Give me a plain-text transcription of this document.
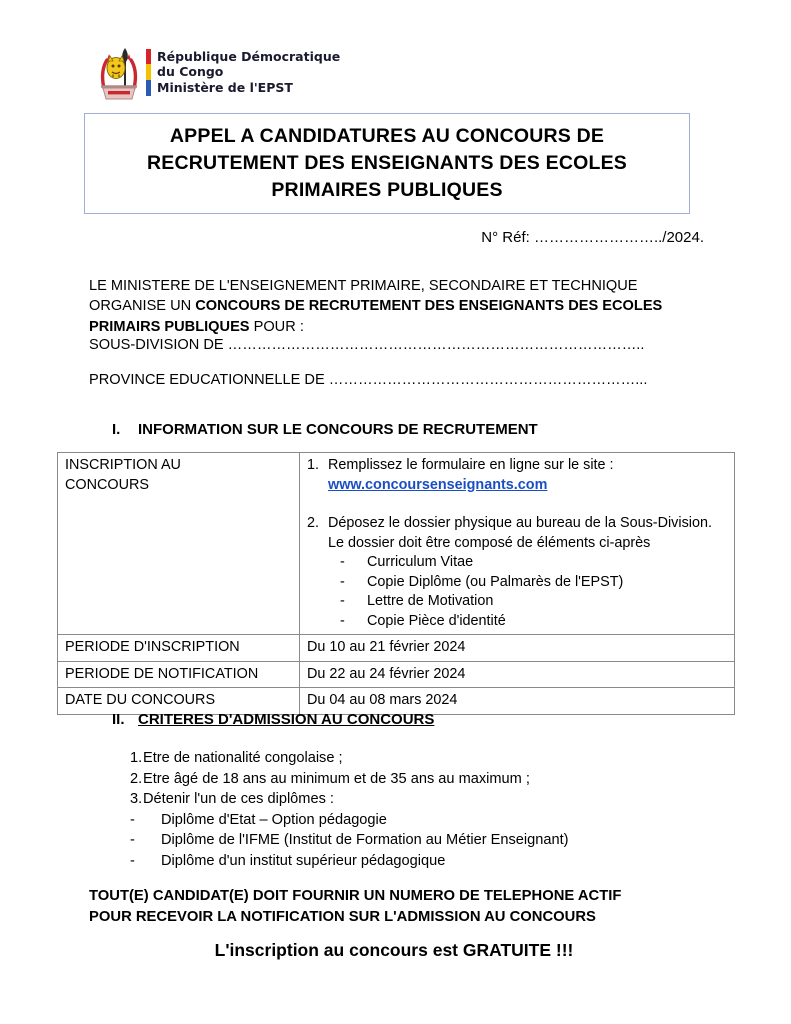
République Démocratique
du Congo
Ministère de l'EPST
APPEL A CANDIDATURES AU CONCOURS DE RECRUTEMENT DES ENSEIGNANTS DES ECOLES PRIMAIRES PUBLIQUES
N° Réf: ……………………../2024.

LE MINISTERE DE L'ENSEIGNEMENT PRIMAIRE, SECONDAIRE ET TECHNIQUE ORGANISE UN CONCOURS DE RECRUTEMENT DES ENSEIGNANTS DES ECOLES PRIMAIRS PUBLIQUES POUR :

SOUS-DIVISION DE …………………………………………………………………………..
PROVINCE EDUCATIONNELLE DE ………………………………………………………...
I.	INFORMATION SUR LE CONCOURS DE RECRUTEMENT
INSCRIPTION AU
CONCOURS

1. Remplissez le formulaire en ligne sur le site :
www.concoursenseignants.com
2. Déposez le dossier physique au bureau de la Sous-Division.
Le dossier doit être composé de éléments ci-après
-	Curriculum Vitae
-	Copie Diplôme (ou Palmarès de l'EPST)
-	Lettre de Motivation
-	Copie Pièce d'identité

PERIODE D'INSCRIPTION	Du 10 au 21 février 2024
PERIODE DE NOTIFICATION	Du 22 au 24 février 2024
DATE DU CONCOURS	Du 04 au 08 mars 2024
II. CRITERES D'ADMISSION AU CONCOURS
1. Etre de nationalité congolaise ;
2. Etre âgé de 18 ans au minimum et de 35 ans au maximum ;
3. Détenir l'un de ces diplômes :
-	Diplôme d'Etat – Option pédagogie
-	Diplôme de l'IFME (Institut de Formation au Métier Enseignant)
-	Diplôme d'un institut supérieur pédagogique
TOUT(E) CANDIDAT(E) DOIT FOURNIR UN NUMERO DE TELEPHONE ACTIF
POUR RECEVOIR LA NOTIFICATION SUR L'ADMISSION AU CONCOURS
L'inscription au concours est GRATUITE !!!
